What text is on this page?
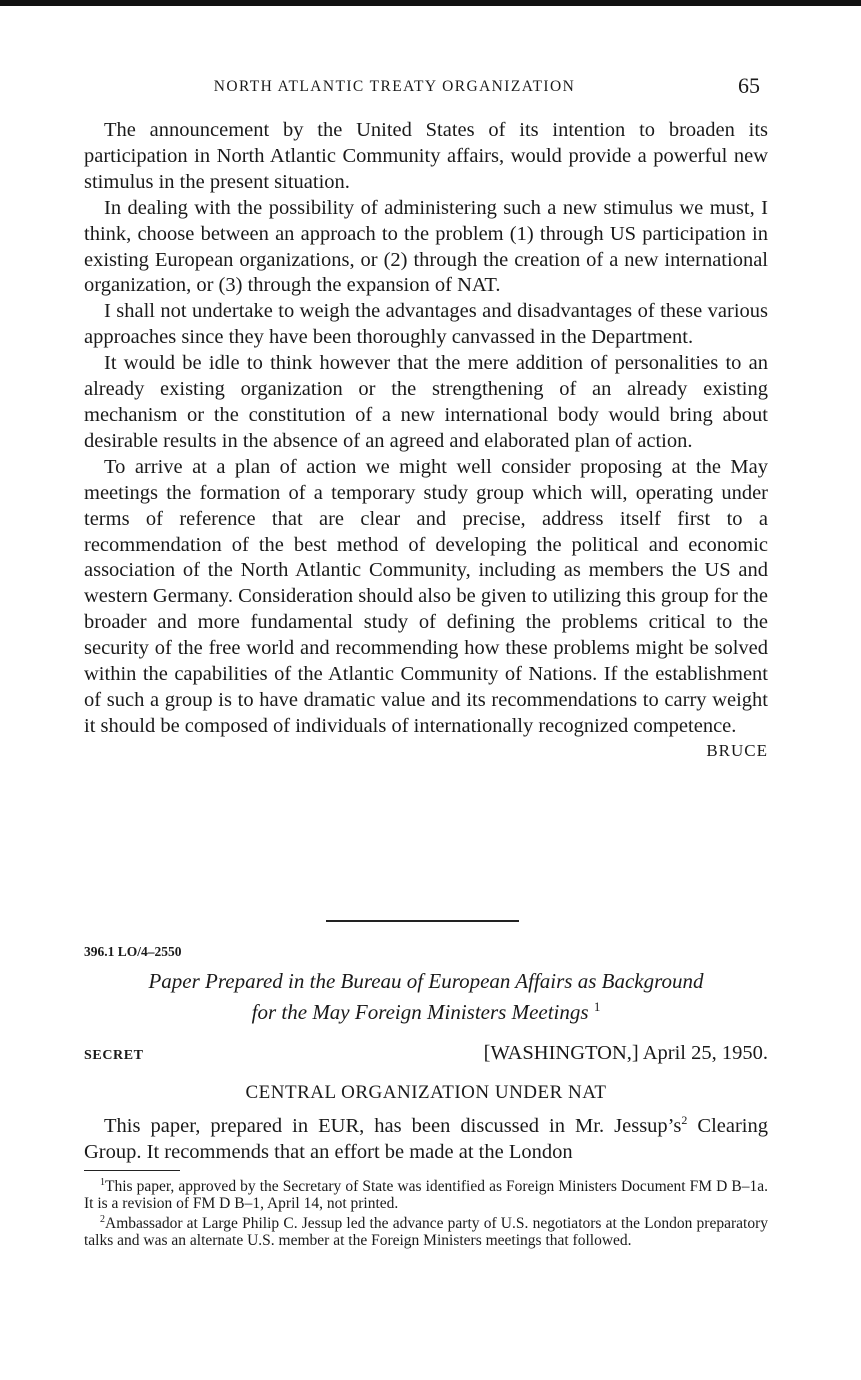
NORTH ATLANTIC TREATY ORGANIZATION	65

The announcement by the United States of its intention to broaden its participation in North Atlantic Community affairs, would provide a powerful new stimulus in the present situation.

In dealing with the possibility of administering such a new stimulus we must, I think, choose between an approach to the problem (1) through US participation in existing European organizations, or (2) through the creation of a new international organization, or (3) through the expansion of NAT.

I shall not undertake to weigh the advantages and disadvantages of these various approaches since they have been thoroughly canvassed in the Department.

It would be idle to think however that the mere addition of personalities to an already existing organization or the strengthening of an already existing mechanism or the constitution of a new international body would bring about desirable results in the absence of an agreed and elaborated plan of action.

To arrive at a plan of action we might well consider proposing at the May meetings the formation of a temporary study group which will, operating under terms of reference that are clear and precise, address itself first to a recommendation of the best method of developing the political and economic association of the North Atlantic Community, including as members the US and western Germany. Consideration should also be given to utilizing this group for the broader and more fundamental study of defining the problems critical to the security of the free world and recommending how these problems might be solved within the capabilities of the Atlantic Community of Nations. If the establishment of such a group is to have dramatic value and its recommendations to carry weight it should be composed of individuals of internationally recognized competence.

BRUCE
396.1 LO/4–2550
Paper Prepared in the Bureau of European Affairs as Background
for the May Foreign Ministers Meetings $^1$
SECRET	[WASHINGTON,] April 25, 1950.
CENTRAL ORGANIZATION UNDER NAT

This paper, prepared in EUR, has been discussed in Mr. $Jessup’s^2$ Clearing Group. It recommends that an effort be made at the London

$^1$This paper, approved by the Secretary of State was identified as Foreign Ministers Document FM D B–1a. It is a revision of FM D B–1, April 14, not printed.

$^2$Ambassador at Large Philip C. Jessup led the advance party of U.S. negotiators at the London preparatory talks and was an alternate U.S. member at the Foreign Ministers meetings that followed.
